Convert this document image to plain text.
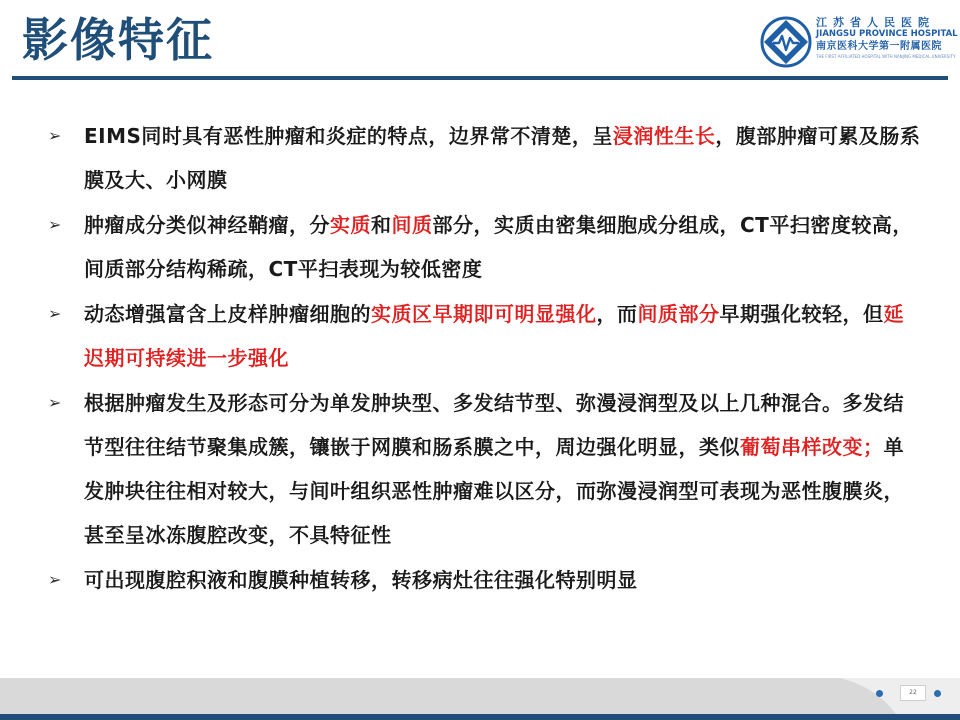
影像特征	江苏省人民医院
JIANGSU PROVINCE HOSPITAL
南京医科大学第一附属医院
THE FIRST AFFILIATED HOSPITAL WITH NANJING MEDICAL UNIVERSITY
➢ EIMS同时具有恶性肿瘤和炎症的特点，边界常不清楚，呈浸润性生长，腹部肿瘤可累及肠系膜及大、小网膜
➢ 肿瘤成分类似神经鞘瘤，分实质和间质部分，实质由密集细胞成分组成，CT平扫密度较高，间质部分结构稀疏，CT平扫表现为较低密度
➢ 动态增强富含上皮样肿瘤细胞的实质区早期即可明显强化，而间质部分早期强化较轻，但延迟期可持续进一步强化
➢ 根据肿瘤发生及形态可分为单发肿块型、多发结节型、弥漫浸润型及以上几种混合。多发结节型往往结节聚集成簇，镶嵌于网膜和肠系膜之中，周边强化明显，类似葡萄串样改变；单发肿块往往相对较大，与间叶组织恶性肿瘤难以区分，而弥漫浸润型可表现为恶性腹膜炎，甚至呈冰冻腹腔改变，不具特征性
➢ 可出现腹腔积液和腹膜种植转移，转移病灶往往强化特别明显
22
